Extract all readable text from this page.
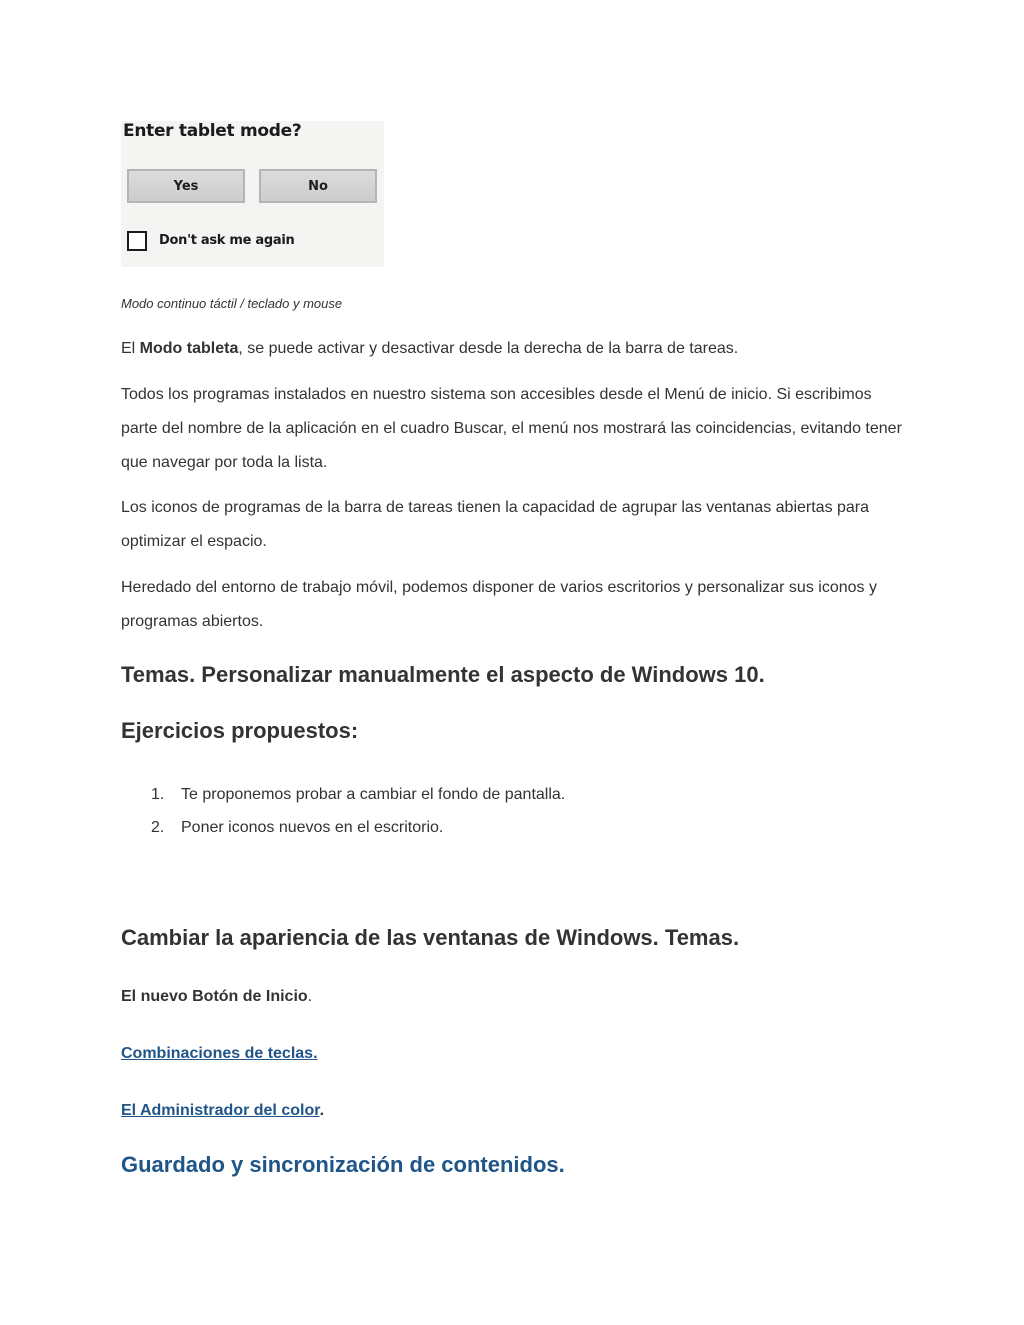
Enter tablet mode?
Yes	No
Don't ask me again
Modo continuo táctil / teclado y mouse

El Modo tableta, se puede activar y desactivar desde la derecha de la barra de tareas.

Todos los programas instalados en nuestro sistema son accesibles desde el Menú de inicio. Si escribimos parte del nombre de la aplicación en el cuadro Buscar, el menú nos mostrará las coincidencias, evitando tener que navegar por toda la lista.

Los iconos de programas de la barra de tareas tienen la capacidad de agrupar las ventanas abiertas para optimizar el espacio.

Heredado del entorno de trabajo móvil, podemos disponer de varios escritorios y personalizar sus iconos y programas abiertos.

Temas. Personalizar manualmente el aspecto de Windows 10.
Ejercicios propuestos:
1. Te proponemos probar a cambiar el fondo de pantalla.
2. Poner iconos nuevos en el escritorio.
Cambiar la apariencia de las ventanas de Windows. Temas.
El nuevo Botón de Inicio.
Combinaciones de teclas.
El Administrador del color.
Guardado y sincronización de contenidos.
